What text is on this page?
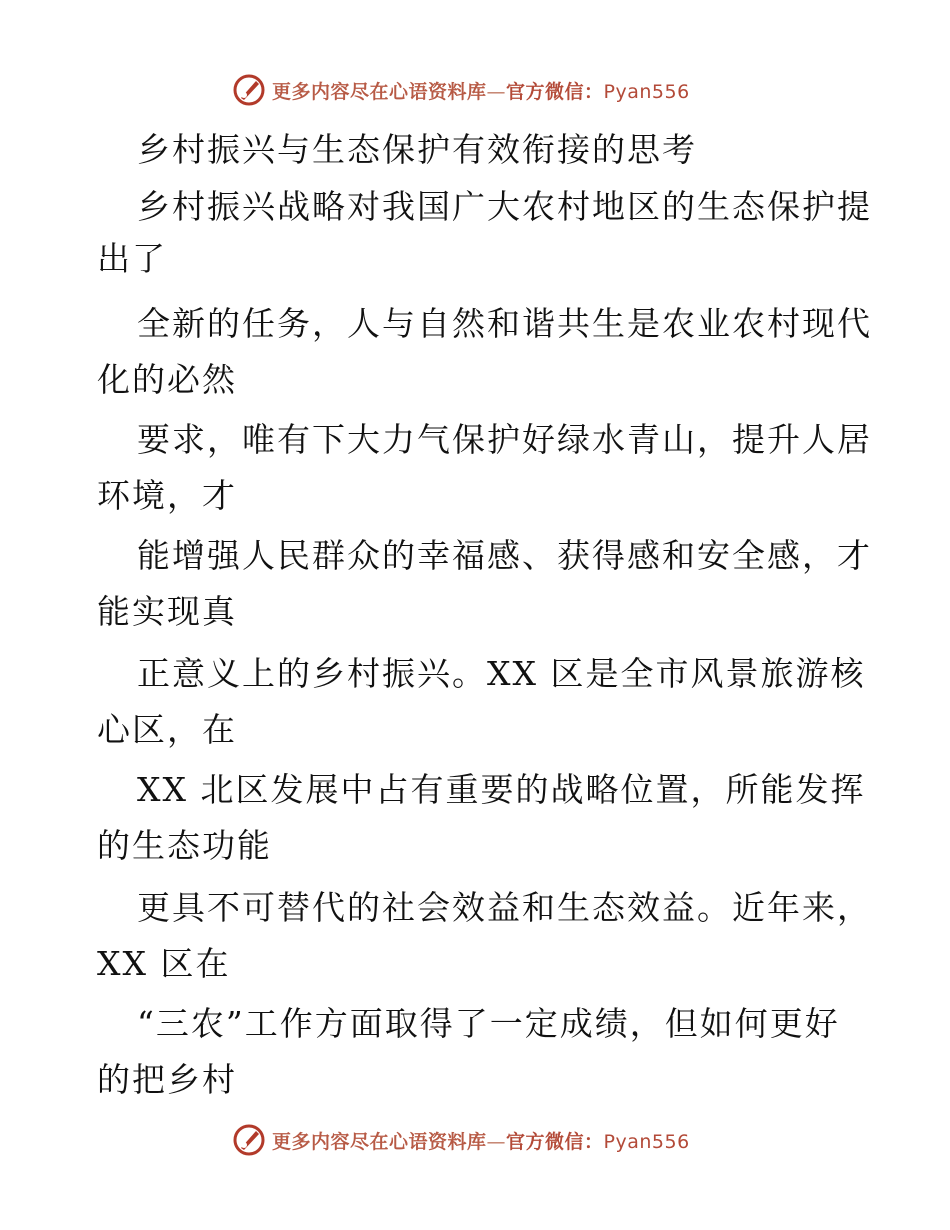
更多内容尽在心语资料库—官方微信：Pyan556
乡村振兴与生态保护有效衔接的思考
乡村振兴战略对我国广大农村地区的生态保护提
出了
全新的任务，人与自然和谐共生是农业农村现代
化的必然
要求，唯有下大力气保护好绿水青山，提升人居
环境，才
能增强人民群众的幸福感、获得感和安全感，才
能实现真
正意义上的乡村振兴。XX 区是全市风景旅游核
心区，在
XX 北区发展中占有重要的战略位置，所能发挥
的生态功能
更具不可替代的社会效益和生态效益。近年来，
XX 区在
“三农”工作方面取得了一定成绩，但如何更好
的把乡村
更多内容尽在心语资料库—官方微信：Pyan556
